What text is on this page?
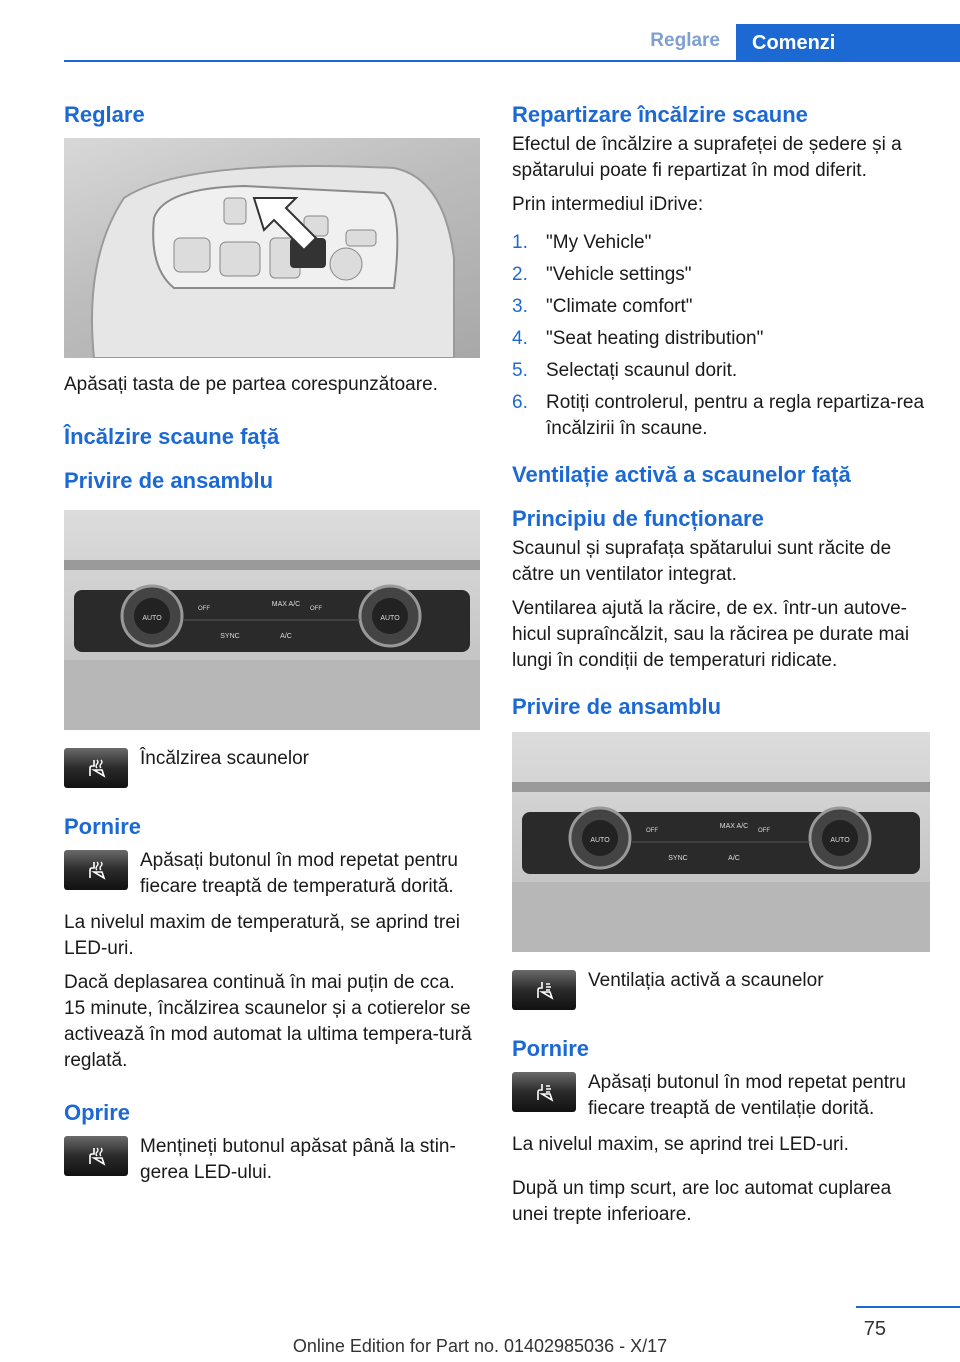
Reglare	Comenzi
Reglare

Apăsați tasta de pe partea corespunzătoare.

Încălzire scaune față
Privire de ansamblu
AUTO	AUTO
MAX A/C
SYNC	A/C
OFF	OFF

Încălzirea scaunelor

Pornire

Apăsați butonul în mod repetat pentru fiecare treaptă de temperatură dorită.

La nivelul maxim de temperatură, se aprind trei LED-uri.

Dacă deplasarea continuă în mai puțin de cca. 15 minute, încălzirea scaunelor și a cotierelor se activează în mod automat la ultima tempera‐tură reglată.

Oprire

Mențineți butonul apăsat până la stin‐gerea LED-ului.

Repartizare încălzire scaune

Efectul de încălzire a suprafeței de ședere și a spătarului poate fi repartizat în mod diferit.

Prin intermediul iDrive:

1. "My Vehicle"
2. "Vehicle settings"
3. "Climate comfort"
4. "Seat heating distribution"
5. Selectați scaunul dorit.
6. Rotiți controlerul, pentru a regla repartiza‐rea încălzirii în scaune.
Ventilație activă a scaunelor față
Principiu de funcționare

Scaunul și suprafața spătarului sunt răcite de către un ventilator integrat.

Ventilarea ajută la răcire, de ex. într-un autove‐hicul supraîncălzit, sau la răcirea pe durate mai lungi în condiții de temperaturi ridicate.

Privire de ansamblu
AUTO	AUTO
MAX A/C
SYNC	A/C
OFF	OFF

Ventilația activă a scaunelor

Pornire

Apăsați butonul în mod repetat pentru fiecare treaptă de ventilație dorită.

La nivelul maxim, se aprind trei LED-uri.

După un timp scurt, are loc automat cuplarea unei trepte inferioare.

75
Online Edition for Part no. 01402985036 - X/17
